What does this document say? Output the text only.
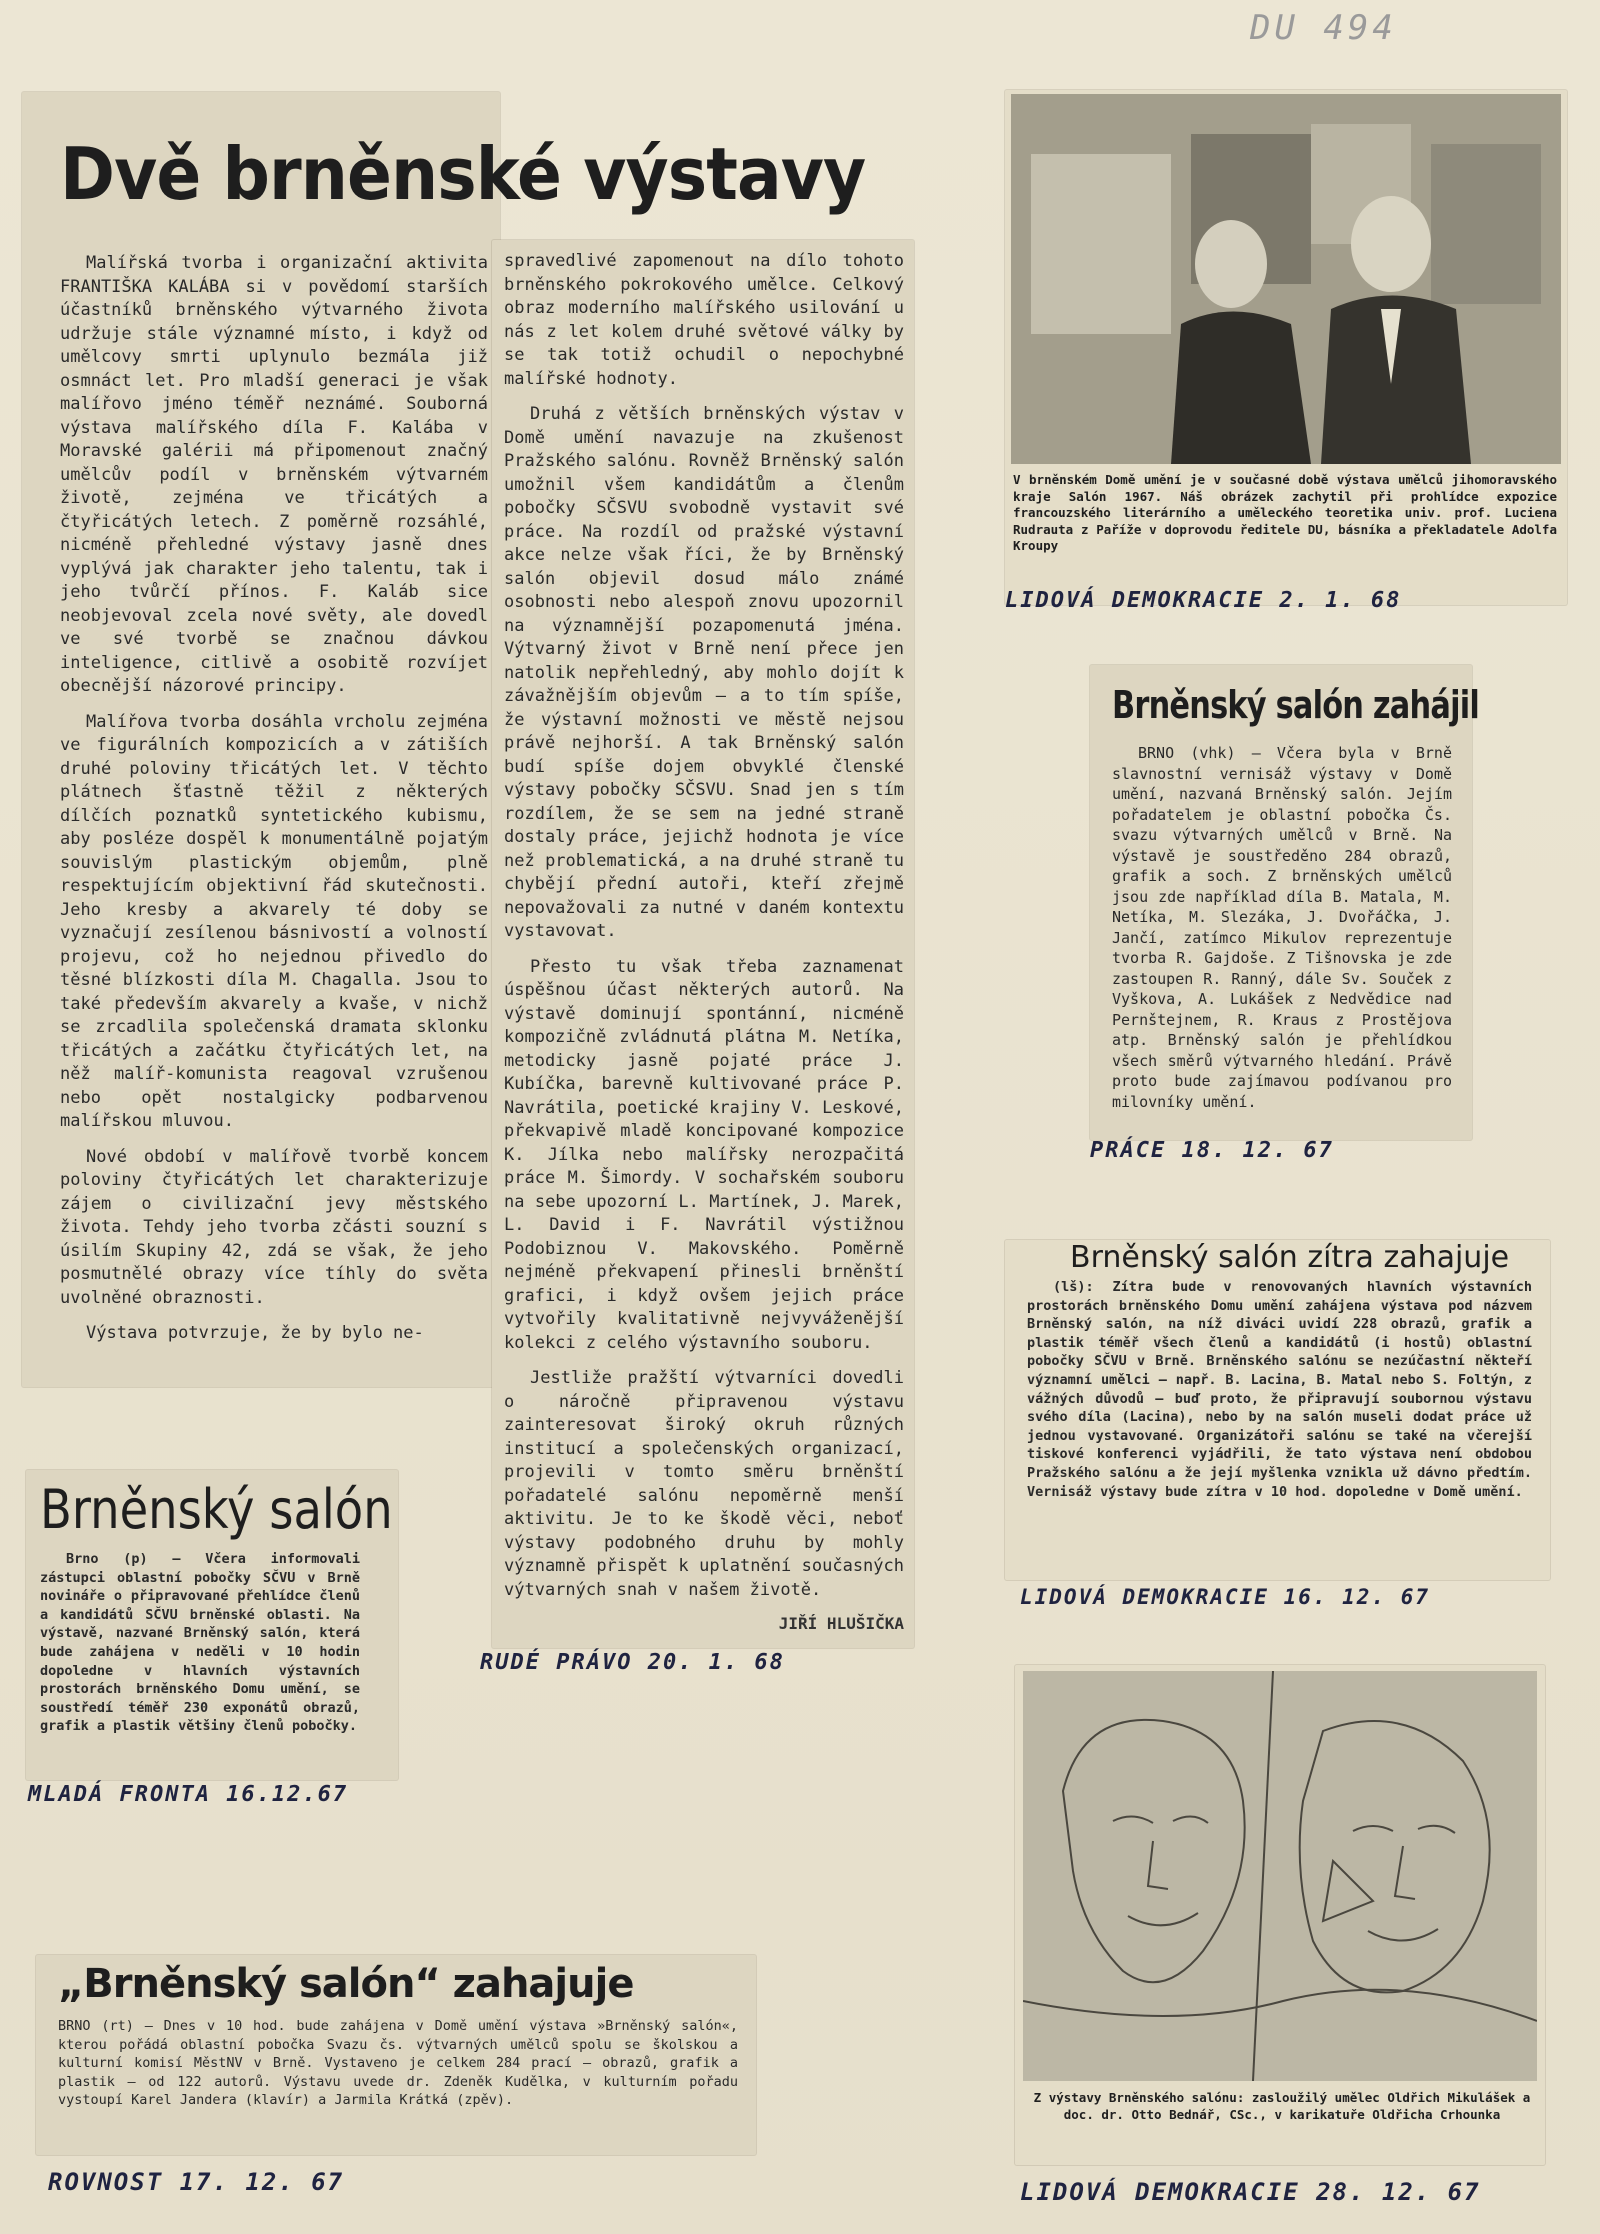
DU 494
Dvě brněnské výstavy

Malířská tvorba i organizační aktivita FRANTIŠKA KALÁBA si v povědomí starších účastníků brněnského výtvarného života udržuje stále významné místo, i když od umělcovy smrti uplynulo bezmála již osmnáct let. Pro mladší generaci je však malířovo jméno téměř neznámé. Souborná výstava malířského díla F. Kalába v Moravské galérii má připomenout značný umělcův podíl v brněnském výtvarném životě, zejména ve třicátých a čtyřicátých letech. Z poměrně rozsáhlé, nicméně přehledné výstavy jasně dnes vyplývá jak charakter jeho talentu, tak i jeho tvůrčí přínos. F. Kaláb sice neobjevoval zcela nové světy, ale dovedl ve své tvorbě se značnou dávkou inteligence, citlivě a osobitě rozvíjet obecnější názorové principy.

Malířova tvorba dosáhla vrcholu zejména ve figurálních kompozicích a v zátiších druhé poloviny třicátých let. V těchto plátnech šťastně těžil z některých dílčích poznatků syntetického kubismu, aby posléze dospěl k monumentálně pojatým souvislým plastickým objemům, plně respektujícím objektivní řád skutečnosti. Jeho kresby a akvarely té doby se vyznačují zesílenou básnivostí a volností projevu, což ho nejednou přivedlo do těsné blízkosti díla M. Chagalla. Jsou to také především akvarely a kvaše, v nichž se zrcadlila společenská dramata sklonku třicátých a začátku čtyřicátých let, na něž malíř-komunista reagoval vzrušenou nebo opět nostalgicky podbarvenou malířskou mluvou.

Nové období v malířově tvorbě koncem poloviny čtyřicátých let charakterizuje zájem o civilizační jevy městského života. Tehdy jeho tvorba zčásti souzní s úsilím Skupiny 42, zdá se však, že jeho posmutnělé obrazy více tíhly do světa uvolněné obraznosti.

Výstava potvrzuje, že by bylo ne-

spravedlivé zapomenout na dílo tohoto brněnského pokrokového umělce. Celkový obraz moderního malířského usilování u nás z let kolem druhé světové války by se tak totiž ochudil o nepochybné malířské hodnoty.

Druhá z větších brněnských výstav v Domě umění navazuje na zkušenost Pražského salónu. Rovněž Brněnský salón umožnil všem kandidátům a členům pobočky SČSVU svobodně vystavit své práce. Na rozdíl od pražské výstavní akce nelze však říci, že by Brněnský salón objevil dosud málo známé osobnosti nebo alespoň znovu upozornil na významnější pozapomenutá jména. Výtvarný život v Brně není přece jen natolik nepřehledný, aby mohlo dojít k závažnějším objevům — a to tím spíše, že výstavní možnosti ve městě nejsou právě nejhorší. A tak Brněnský salón budí spíše dojem obvyklé členské výstavy pobočky SČSVU. Snad jen s tím rozdílem, že se sem na jedné straně dostaly práce, jejichž hodnota je více než problematická, a na druhé straně tu chybějí přední autoři, kteří zřejmě nepovažovali za nutné v daném kontextu vystavovat.

Přesto tu však třeba zaznamenat úspěšnou účast některých autorů. Na výstavě dominují spontánní, nicméně kompozičně zvládnutá plátna M. Netíka, metodicky jasně pojaté práce J. Kubíčka, barevně kultivované práce P. Navrátila, poetické krajiny V. Leskové, překvapivě mladě koncipované kompozice K. Jílka nebo malířsky nerozpačitá práce M. Šimordy. V sochařském souboru na sebe upozorní L. Martínek, J. Marek, L. David i F. Navrátil výstižnou Podobiznou V. Makovského. Poměrně nejméně překvapení přinesli brněnští grafici, i když ovšem jejich práce vytvořily kvalitativně nejvyváženější kolekci z celého výstavního souboru.

Jestliže pražští výtvarníci dovedli o náročně připravenou výstavu zainteresovat široký okruh různých institucí a společenských organizací, projevili v tomto směru brněnští pořadatelé salónu nepoměrně menší aktivitu. Je to ke škodě věci, neboť výstavy podobného druhu by mohly významně přispět k uplatnění současných výtvarných snah v našem životě.

JIŘÍ HLUŠIČKA
RUDÉ PRÁVO 20. 1. 68
V brněnském Domě umění je v současné době výstava umělců jihomoravského kraje Salón 1967. Náš obrázek zachytil při prohlídce expozice francouzského literárního a uměleckého teoretika univ. prof. Luciena Rudrauta z Paříže v doprovodu ředitele DU, básníka a překladatele Adolfa Kroupy
LIDOVÁ DEMOKRACIE 2. 1. 68
Brněnský salón zahájil

BRNO (vhk) — Včera byla v Brně slavnostní vernisáž výstavy v Domě umění, nazvaná Brněnský salón. Jejím pořadatelem je oblastní pobočka Čs. svazu výtvarných umělců v Brně. Na výstavě je soustředěno 284 obrazů, grafik a soch. Z brněnských umělců jsou zde například díla B. Matala, M. Netíka, M. Slezáka, J. Dvořáčka, J. Jančí, zatímco Mikulov reprezentuje tvorba R. Gajdoše. Z Tišnovska je zde zastoupen R. Ranný, dále Sv. Souček z Vyškova, A. Lukášek z Nedvědice nad Pernštejnem, R. Kraus z Prostějova atp. Brněnský salón je přehlídkou všech směrů výtvarného hledání. Právě proto bude zajímavou podívanou pro milovníky umění.

PRÁCE 18. 12. 67
Brněnský salón zítra zahajuje

(lš): Zítra bude v renovovaných hlavních výstavních prostorách brněnského Domu umění zahájena výstava pod názvem Brněnský salón, na níž diváci uvidí 228 obrazů, grafik a plastik téměř všech členů a kandidátů (i hostů) oblastní pobočky SČVU v Brně. Brněnského salónu se nezúčastní někteří významní umělci — např. B. Lacina, B. Matal nebo S. Foltýn, z vážných důvodů — buď proto, že připravují soubornou výstavu svého díla (Lacina), nebo by na salón museli dodat práce už jednou vystavované. Organizátoři salónu se také na včerejší tiskové konferenci vyjádřili, že tato výstava není obdobou Pražského salónu a že její myšlenka vznikla už dávno předtím. Vernisáž výstavy bude zítra v 10 hod. dopoledne v Domě umění.

LIDOVÁ DEMOKRACIE 16. 12. 67
Brněnský salón

Brno (p) — Včera informovali zástupci oblastní pobočky SČVU v Brně novináře o připravované přehlídce členů a kandidátů SČVU brněnské oblasti. Na výstavě, nazvané Brněnský salón, která bude zahájena v neděli v 10 hodin dopoledne v hlavních výstavních prostorách brněnského Domu umění, se soustředí téměř 230 exponátů obrazů, grafik a plastik většiny členů pobočky.

MLADÁ FRONTA 16.12.67
„Brněnský salón“ zahajuje

BRNO (rt) — Dnes v 10 hod. bude zahájena v Domě umění výstava »Brněnský salón«, kterou pořádá oblastní pobočka Svazu čs. výtvarných umělců spolu se školskou a kulturní komisí MěstNV v Brně. Vystaveno je celkem 284 prací — obrazů, grafik a plastik — od 122 autorů. Výstavu uvede dr. Zdeněk Kudělka, v kulturním pořadu vystoupí Karel Jandera (klavír) a Jarmila Krátká (zpěv).

ROVNOST 17. 12. 67
Z výstavy Brněnského salónu: zasloužilý umělec Oldřich Mikulášek a doc. dr. Otto Bednář, CSc., v karikatuře Oldřicha Crhounka
LIDOVÁ DEMOKRACIE 28. 12. 67
